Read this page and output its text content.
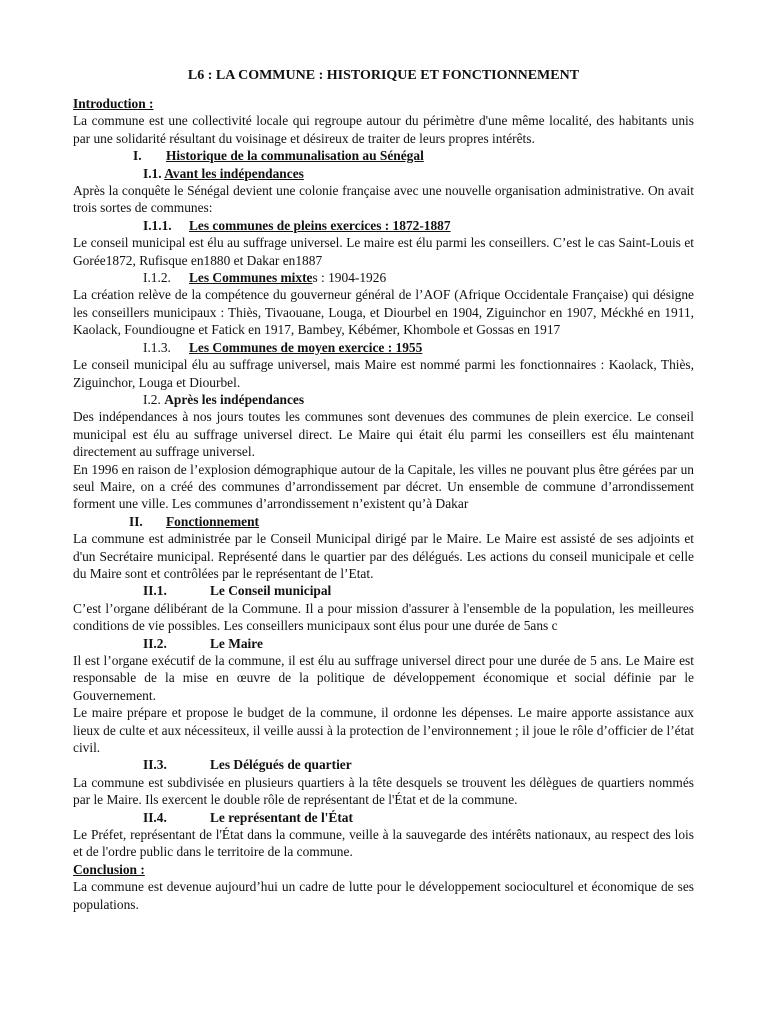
L6 : LA COMMUNE : HISTORIQUE ET FONCTIONNEMENT
Introduction :

La commune est une collectivité locale qui regroupe autour du périmètre d'une même localité, des habitants unis par une solidarité résultant du voisinage et désireux de traiter de leurs propres intérêts.

I. Historique de la communalisation au Sénégal
I.1. Avant les indépendances

Après la conquête le Sénégal devient une colonie française avec une nouvelle organisation administrative. On avait trois sortes de communes:

I.1.1. Les communes de pleins exercices : 1872-1887

Le conseil municipal est élu au suffrage universel. Le maire est élu parmi les conseillers. C’est le cas Saint-Louis et Gorée1872, Rufisque en1880 et Dakar en1887

I.1.2. Les Communes mixtes : 1904-1926

La création relève de la compétence du gouverneur général de l’AOF (Afrique Occidentale Française) qui désigne les conseillers municipaux : Thiès, Tivaouane, Louga, et Diourbel en 1904, Ziguinchor en 1907, Méckhé en 1911, Kaolack, Foundiougne et Fatick en 1917, Bambey, Kébémer, Khombole et Gossas en 1917

I.1.3. Les Communes de moyen exercice : 1955

Le conseil municipal élu au suffrage universel, mais Maire est nommé parmi les fonctionnaires : Kaolack, Thiès, Ziguinchor, Louga et Diourbel.

I.2. Après les indépendances

Des indépendances à nos jours toutes les communes sont devenues des communes de plein exercice. Le conseil municipal est élu au suffrage universel direct. Le Maire qui était élu parmi les conseillers est élu maintenant directement au suffrage universel.

En 1996 en raison de l’explosion démographique autour de la Capitale, les villes ne pouvant plus être gérées par un seul Maire, on a créé des communes d’arrondissement par décret. Un ensemble de commune d’arrondissement forment une ville. Les communes d’arrondissement n’existent qu’à Dakar

II. Fonctionnement

La commune est administrée par le Conseil Municipal dirigé par le Maire. Le Maire est assisté de ses adjoints et d'un Secrétaire municipal. Représenté dans le quartier par des délégués. Les actions du conseil municipale et celle du Maire sont et contrôlées par le représentant de l’Etat.

II.1.	Le Conseil municipal

C’est l’organe délibérant de la Commune. Il a pour mission d'assurer à l'ensemble de la population, les meilleures conditions de vie possibles. Les conseillers municipaux sont élus pour une durée de 5ans c

II.2.	Le Maire

Il est l’organe exécutif de la commune, il est élu au suffrage universel direct pour une durée de 5 ans. Le Maire est responsable de la mise en œuvre de la politique de développement économique et social définie par le Gouvernement.

Le maire prépare et propose le budget de la commune, il ordonne les dépenses. Le maire apporte assistance aux lieux de culte et aux nécessiteux, il veille aussi à la protection de l’environnement ; il joue le rôle d’officier de l’état civil.

II.3.	Les Délégués de quartier

La commune est subdivisée en plusieurs quartiers à la tête desquels se trouvent les délègues de quartiers nommés par le Maire. Ils exercent le double rôle de représentant de l'État et de la commune.

II.4.	Le représentant de l'État

Le Préfet, représentant de l'État dans la commune, veille à la sauvegarde des intérêts nationaux, au respect des lois et de l'ordre public dans le territoire de la commune.

Conclusion :

La commune est devenue aujourd’hui un cadre de lutte pour le développement socioculturel et économique de ses populations.
